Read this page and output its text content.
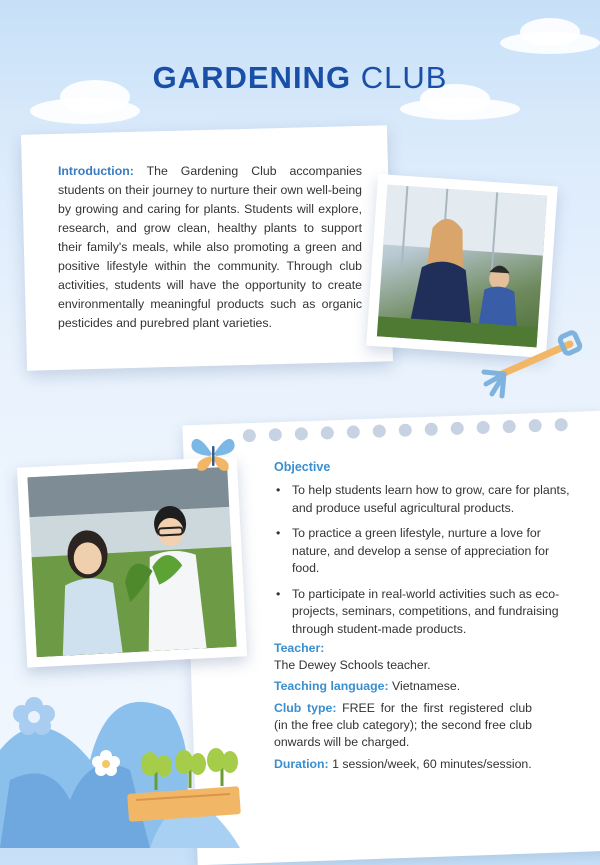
GARDENING CLUB
Introduction: The Gardening Club accompanies students on their journey to nurture their own well-being by growing and caring for plants. Students will explore, research, and grow clean, healthy plants to support their family's meals, while also promoting a green and positive lifestyle within the community. Through club activities, students will have the opportunity to create environmentally meaningful products such as organic pesticides and purebred plant varieties.
Objective
• To help students learn how to grow, care for plants, and produce useful agricultural products.
• To practice a green lifestyle, nurture a love for nature, and develop a sense of appreciation for food.
• To participate in real-world activities such as eco-projects, seminars, competitions, and fundraising through student-made products.
Teacher:
The Dewey Schools teacher.
Teaching language: Vietnamese.
Club type: FREE for the first registered club (in the free club category); the second free club onwards will be charged.
Duration: 1 session/week, 60 minutes/session.
